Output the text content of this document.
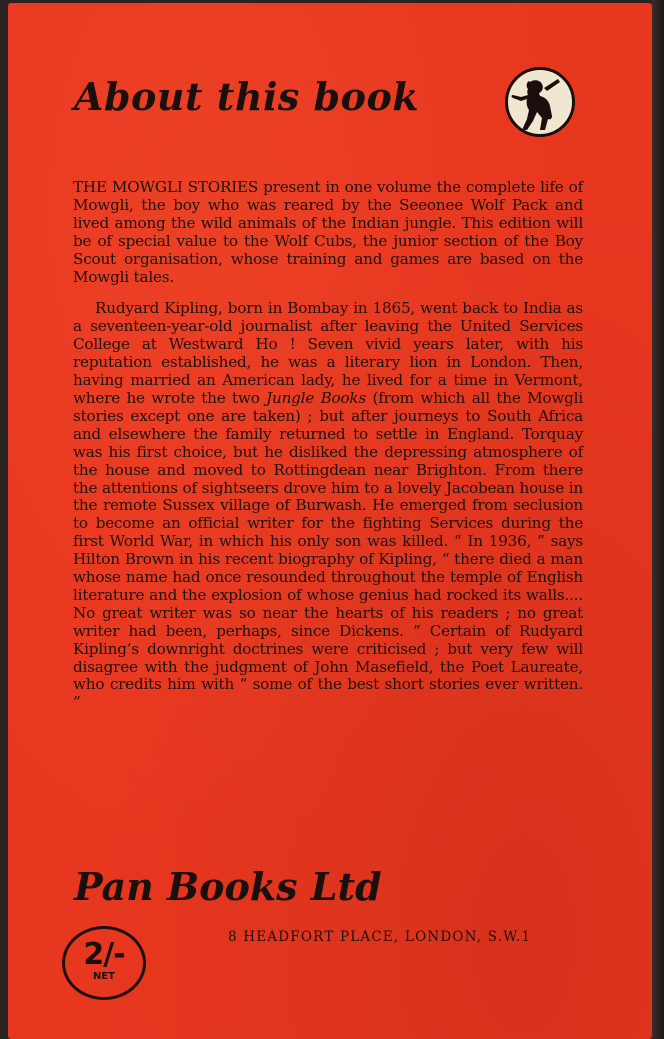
About this book

THE MOWGLI STORIES present in one volume the complete life of Mowgli, the boy who was reared by the Seeonee Wolf Pack and lived among the wild animals of the Indian jungle. This edition will be of special value to the Wolf Cubs, the junior section of the Boy Scout organisation, whose training and games are based on the Mowgli tales.

Rudyard Kipling, born in Bombay in 1865, went back to India as a seventeen-year-old journalist after leaving the United Services College at Westward Ho ! Seven vivid years later, with his reputation established, he was a literary lion in London. Then, having married an American lady, he lived for a time in Vermont, where he wrote the two Jungle Books (from which all the Mowgli stories except one are taken) ; but after journeys to South Africa and elsewhere the family returned to settle in England. Torquay was his first choice, but he disliked the depressing atmosphere of the house and moved to Rottingdean near Brighton. From there the attentions of sightseers drove him to a lovely Jacobean house in the remote Sussex village of Burwash. He emerged from seclusion to become an official writer for the fighting Services during the first World War, in which his only son was killed. “ In 1936, ” says Hilton Brown in his recent biography of Kipling, “ there died a man whose name had once resounded throughout the temple of English literature and the explosion of whose genius had rocked its walls.... No great writer was so near the hearts of his readers ; no great writer had been, perhaps, since Dickens. ” Certain of Rudyard Kipling’s downright doctrines were criticised ; but very few will disagree with the judgment of John Masefield, the Poet Laureate, who credits him with “ some of the best short stories ever written. ”

Pan Books Ltd
2/-
NET
8 HEADFORT PLACE, LONDON, S.W.1
